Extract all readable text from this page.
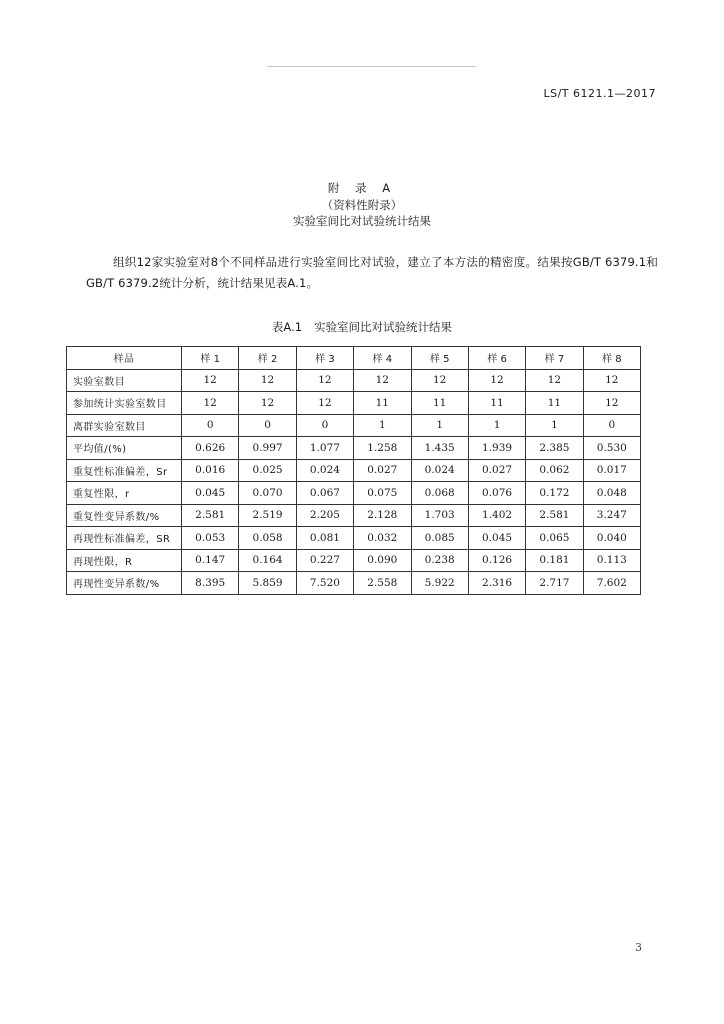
LS/T 6121.1—2017
附 录 A
（资料性附录）
实验室间比对试验统计结果
组织12家实验室对8个不同样品进行实验室间比对试验，建立了本方法的精密度。结果按GB/T 6379.1和GB/T 6379.2统计分析，统计结果见表A.1。
表A.1 实验室间比对试验统计结果
样品	样 1	样 2	样 3	样 4	样 5	样 6	样 7	样 8
实验室数目	12	12	12	12	12	12	12	12
参加统计实验室数目	12	12	12	11	11	11	11	12
离群实验室数目	0	0	0	1	1	1	1	0
平均值/(%)	0.626	0.997	1.077	1.258	1.435	1.939	2.385	0.530
重复性标准偏差，Sr	0.016	0.025	0.024	0.027	0.024	0.027	0.062	0.017
重复性限，r	0.045	0.070	0.067	0.075	0.068	0.076	0.172	0.048
重复性变异系数/%	2.581	2.519	2.205	2.128	1.703	1.402	2.581	3.247
再现性标准偏差，SR	0.053	0.058	0.081	0.032	0.085	0.045	0.065	0.040
再现性限，R	0.147	0.164	0.227	0.090	0.238	0.126	0.181	0.113
再现性变异系数/%	8.395	5.859	7.520	2.558	5.922	2.316	2.717	7.602
3
